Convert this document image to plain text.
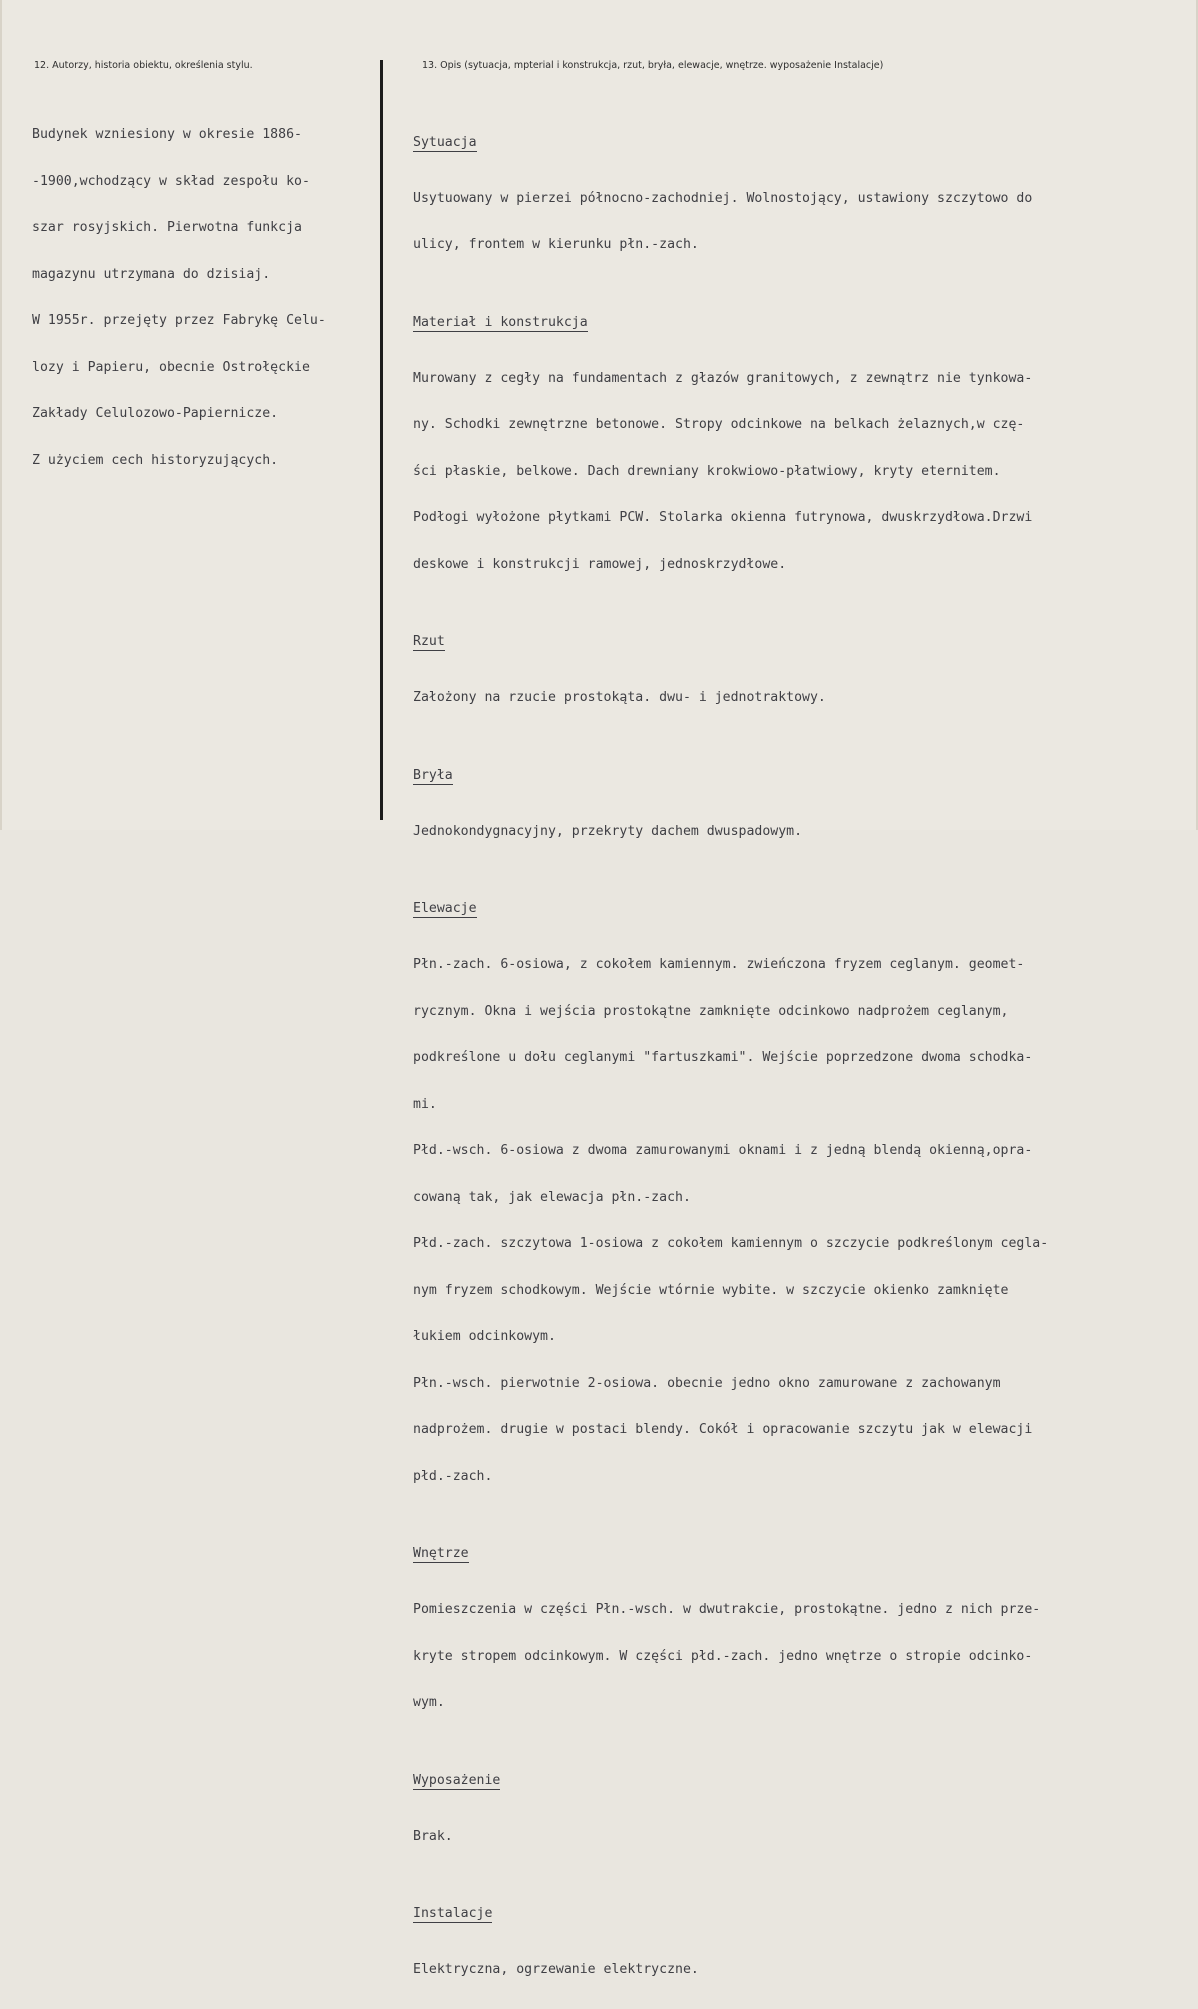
12. Autorzy, historia obiektu, określenia stylu.	13. Opis (sytuacja, mpterial i konstrukcja, rzut, bryła, elewacje, wnętrze. wyposażenie Instalacje)

Budynek wzniesiony w okresie 1886-

-1900,wchodzący w skład zespołu ko-

szar rosyjskich. Pierwotna funkcja

magazynu utrzymana do dzisiaj.

W 1955r. przejęty przez Fabrykę Celu-

lozy i Papieru, obecnie Ostrołęckie

Zakłady Celulozowo-Papiernicze.

Z użyciem cech historyzujących.

Sytuacja

Usytuowany w pierzei północno-zachodniej. Wolnostojący, ustawiony szczytowo do

ulicy, frontem w kierunku płn.-zach.

Materiał i konstrukcja

Murowany z cegły na fundamentach z głazów granitowych, z zewnątrz nie tynkowa-

ny. Schodki zewnętrzne betonowe. Stropy odcinkowe na belkach żelaznych,w czę-

ści płaskie, belkowe. Dach drewniany krokwiowo-płatwiowy, kryty eternitem.

Podłogi wyłożone płytkami PCW. Stolarka okienna futrynowa, dwuskrzydłowa.Drzwi

deskowe i konstrukcji ramowej, jednoskrzydłowe.

Rzut

Założony na rzucie prostokąta. dwu- i jednotraktowy.

Bryła

Jednokondygnacyjny, przekryty dachem dwuspadowym.

Elewacje

Płn.-zach. 6-osiowa, z cokołem kamiennym. zwieńczona fryzem ceglanym. geomet-

rycznym. Okna i wejścia prostokątne zamknięte odcinkowo nadprożem ceglanym,

podkreślone u dołu ceglanymi "fartuszkami". Wejście poprzedzone dwoma schodka-

mi.

Płd.-wsch. 6-osiowa z dwoma zamurowanymi oknami i z jedną blendą okienną,opra-

cowaną tak, jak elewacja płn.-zach.

Płd.-zach. szczytowa 1-osiowa z cokołem kamiennym o szczycie podkreślonym cegla-

nym fryzem schodkowym. Wejście wtórnie wybite. w szczycie okienko zamknięte

łukiem odcinkowym.

Płn.-wsch. pierwotnie 2-osiowa. obecnie jedno okno zamurowane z zachowanym

nadprożem. drugie w postaci blendy. Cokół i opracowanie szczytu jak w elewacji

płd.-zach.

Wnętrze

Pomieszczenia w części Płn.-wsch. w dwutrakcie, prostokątne. jedno z nich prze-

kryte stropem odcinkowym. W części płd.-zach. jedno wnętrze o stropie odcinko-

wym.

Wyposażenie

Brak.

Instalacje

Elektryczna, ogrzewanie elektryczne.
